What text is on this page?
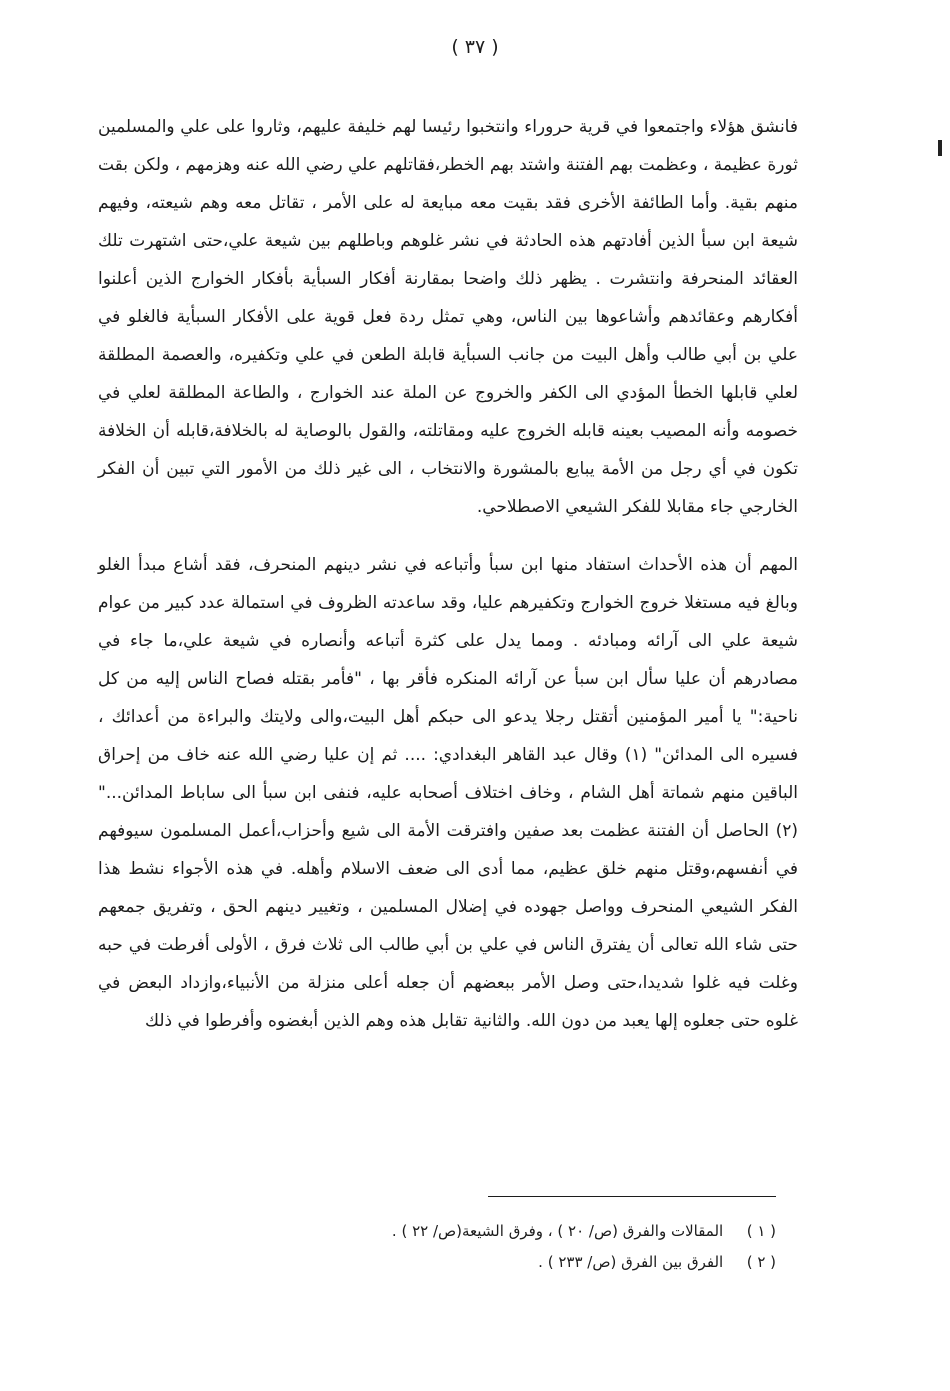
( ٣٧ )

فانشق هؤلاء واجتمعوا في قرية حروراء وانتخبوا رئيسا لهم خليفة عليهم، وثاروا على علي والمسلمين ثورة عظيمة ، وعظمت بهم الفتنة واشتد بهم الخطر،فقاتلهم علي رضي الله عنه وهزمهم ، ولكن بقت منهم بقية. وأما الطائفة الأخرى فقد بقيت معه مبايعة له على الأمر ، تقاتل معه وهم شيعته، وفيهم شيعة ابن سبأ الذين أفادتهم هذه الحادثة في نشر غلوهم وباطلهم بين شيعة علي،حتى اشتهرت تلك العقائد المنحرفة وانتشرت . يظهر ذلك واضحا بمقارنة أفكار السبأية بأفكار الخوارج الذين أعلنوا أفكارهم وعقائدهم وأشاعوها بين الناس، وهي تمثل ردة فعل قوية على الأفكار السبأية فالغلو في علي بن أبي طالب وأهل البيت من جانب السبأية قابلة الطعن في علي وتكفيره، والعصمة المطلقة لعلي قابلها الخطأ المؤدي الى الكفر والخروج عن الملة عند الخوارج ، والطاعة المطلقة لعلي في خصومه وأنه المصيب بعينه قابله الخروج عليه ومقاتلته، والقول بالوصاية له بالخلافة،قابله أن الخلافة تكون في أي رجل من الأمة يبايع بالمشورة والانتخاب ، الى غير ذلك من الأمور التي تبين أن الفكر الخارجي جاء مقابلا للفكر الشيعي الاصطلاحي.

المهم أن هذه الأحداث استفاد منها ابن سبأ وأتباعه في نشر دينهم المنحرف، فقد أشاع مبدأ الغلو وبالغ فيه مستغلا خروج الخوارج وتكفيرهم عليا، وقد ساعدته الظروف في استمالة عدد كبير من عوام شيعة علي الى آرائه ومبادئه . ومما يدل على كثرة أتباعه وأنصاره في شيعة علي،ما جاء في مصادرهم أن عليا سأل ابن سبأ عن آرائه المنكره فأقر بها ، "فأمر بقتله فصاح الناس إليه من كل ناحية:" يا أمير المؤمنين أتقتل رجلا يدعو الى حبكم أهل البيت،والى ولايتك والبراءة من أعدائك ، فسيره الى المدائن" (١) وقال عبد القاهر البغدادي: .... ثم إن عليا رضي الله عنه خاف من إحراق الباقين منهم شماتة أهل الشام ، وخاف اختلاف أصحابه عليه، فنفى ابن سبأ الى ساباط المدائن..." (٢) الحاصل أن الفتنة عظمت بعد صفين وافترقت الأمة الى شيع وأحزاب،أعمل المسلمون سيوفهم في أنفسهم،وقتل منهم خلق عظيم، مما أدى الى ضعف الاسلام وأهله. في هذه الأجواء نشط هذا الفكر الشيعي المنحرف وواصل جهوده في إضلال المسلمين ، وتغيير دينهم الحق ، وتفريق جمعهم حتى شاء الله تعالى أن يفترق الناس في علي بن أبي طالب الى ثلاث فرق ، الأولى أفرطت في حبه وغلت فيه غلوا شديدا،حتى وصل الأمر ببعضهم أن جعله أعلى منزلة من الأنبياء،وازداد البعض في غلوه حتى جعلوه إلها يعبد من دون الله. والثانية تقابل هذه وهم الذين أبغضوه وأفرطوا في ذلك

( ١ ) المقالات والفرق (ص/ ٢٠ ) ، وفرق الشيعة(ص/ ٢٢ ) .

( ٢ ) الفرق بين الفرق (ص/ ٢٣٣ ) .
